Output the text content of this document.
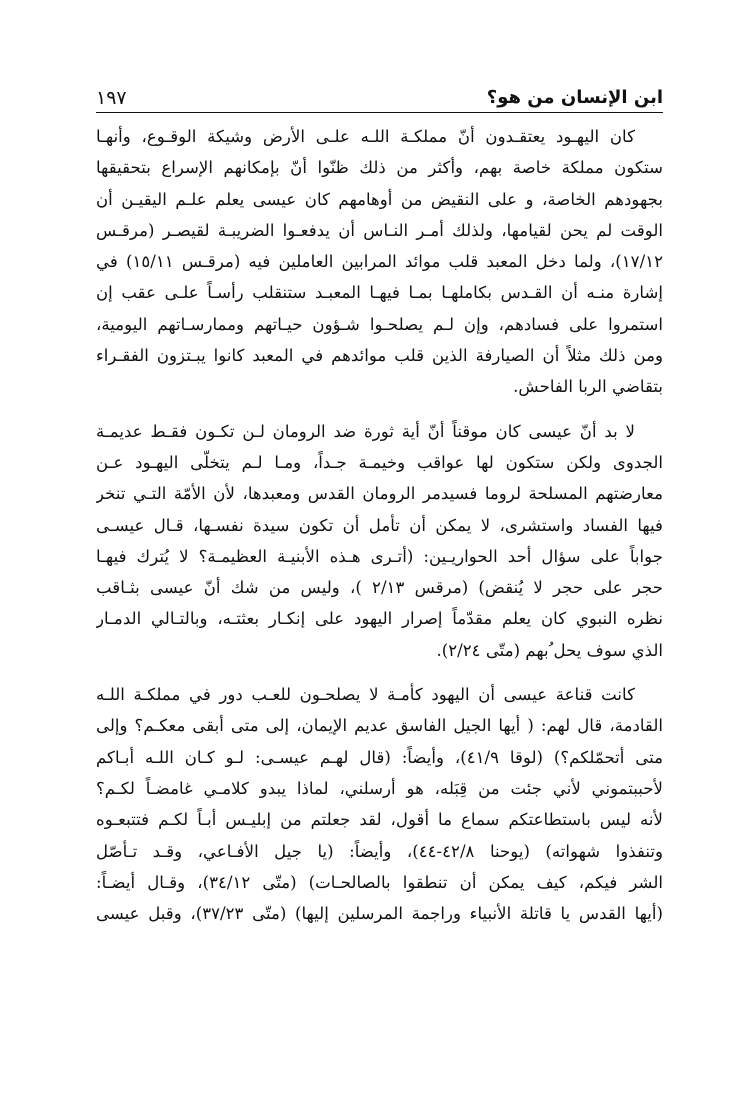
ابن الإنسان من هو؟
١٩٧
كان اليهـود يعتقـدون أنّ مملكـة اللـه علـى الأرض وشيكة الوقـوع، وأنهـا
ستكون مملكة خاصة بهم، وأكثر من ذلك ظنّوا أنّ بإمكانهم الإسراع بتحقيقها
بجهودهم الخاصة، و على النقيض من أوهامهم كان عيسى يعلم علـم اليقيـن أن
الوقت لم يحن لقيامها، ولذلك أمـر النـاس أن يدفعـوا الضريبـة لقيصـر (مرقـس
١٧/١٢)، ولما دخل المعبد قلب موائد المرابين العاملين فيه (مرقـس ١٥/١١) في
إشارة منـه أن القـدس بكاملهـا بمـا فيهـا المعبـد ستنقلب رأسـاً علـى عقب إن
استمروا على فسادهم، وإن لـم يصلحـوا شـؤون حيـاتهم وممارسـاتهم اليومية،
ومن ذلك مثلاً أن الصيارفة الذين قلب موائدهم في المعبد كانوا يبـتزون الفقـراء
بتقاضي الربا الفاحش.
لا بد أنّ عيسى كان موقناً أنّ أية ثورة ضد الرومان لـن تكـون فقـط عديمـة
الجدوى ولكن ستكون لها عواقب وخيمـة جـداً، ومـا لـم يتخلّى اليهـود عـن
معارضتهم المسلحة لروما فسيدمر الرومان القدس ومعبدها، لأن الأمّة التـي تنخر
فيها الفساد واستشرى، لا يمكن أن تأمل أن تكون سيدة نفسـها، قـال عيسـى
جواباً على سؤال أحد الحواريـين: (أتـرى هـذه الأبنيـة العظيمـة؟ لا يُترك فيهـا
حجر على حجر لا يُنقض) (مرقس ٢/١٣ )، وليس من شك أنّ عيسى بثـاقب
نظره النبوي كان يعلم مقدّماً إصرار اليهود على إنكـار بعثتـه، وبالتـالي الدمـار
الذي سوف يحل ُبهم (متّى ٢/٢٤).
كانت قناعة عيسى أن اليهود كأمـة لا يصلحـون للعـب دور في مملكـة اللـه
القادمة، قال لهم: ( أيها الجيل الفاسق عديم الإيمان، إلى متى أبقى معكـم؟ وإلى
متى أتحمّلكم؟) (لوقا ٤١/٩)، وأيضاً: (قال لهـم عيسـى: لـو كـان اللـه أبـاكم
لأحببتموني لأني جئت من قِبَله، هو أرسلني، لماذا يبدو كلامـي غامضـاً لكـم؟
لأنه ليس باستطاعتكم سماع ما أقول، لقد جعلتم من إبليـس أبـاً لكـم فتتبعـوه
وتنفذوا شهواته) (يوحنا ٤٢/٨-٤٤)، وأيضاً: (يا جيل الأفـاعي، وقـد تـأصّل
الشر فيكم، كيف يمكن أن تنطقوا بالصالحـات) (متّى ٣٤/١٢)، وقـال أيضـاً:
(أيها القدس يا قاتلة الأنبياء وراجمة المرسلين إليها) (متّى ٣٧/٢٣)، وقبل عيسى
